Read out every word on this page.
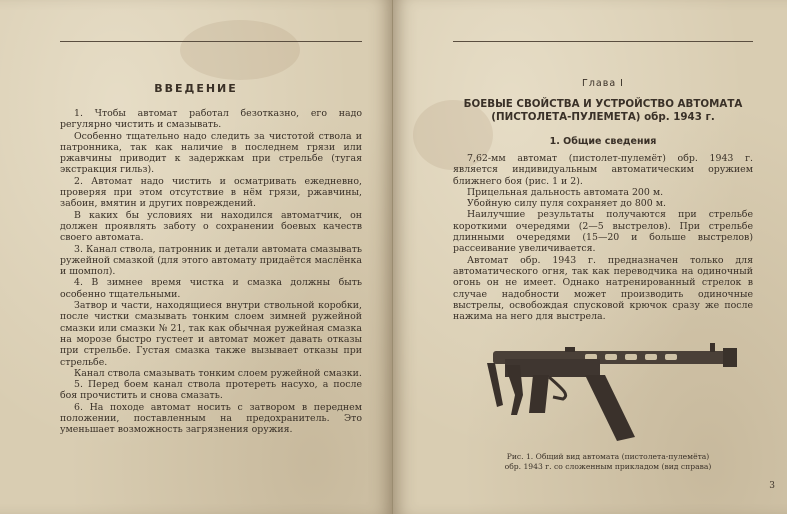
ВВЕДЕНИЕ

1. Чтобы автомат работал безотказно, его надо регулярно чистить и смазывать.

Особенно тщательно надо следить за чистотой ствола и патронника, так как наличие в последнем грязи или ржавчины приводит к задержкам при стрельбе (тугая экстракция гильз).

2. Автомат надо чистить и осматривать ежедневно, проверяя при этом отсутствие в нём грязи, ржавчины, забоин, вмятин и других повреждений.

В каких бы условиях ни находился автоматчик, он должен проявлять заботу о сохранении боевых качеств своего автомата.

3. Канал ствола, патронник и детали автомата смазывать ружейной смазкой (для этого автомату придаётся маслёнка и шомпол).

4. В зимнее время чистка и смазка должны быть особенно тщательными.

Затвор и части, находящиеся внутри ствольной коробки, после чистки смазывать тонким слоем зимней ружейной смазки или смазки № 21, так как обычная ружейная смазка на морозе быстро густеет и автомат может давать отказы при стрельбе. Густая смазка также вызывает отказы при стрельбе.

Канал ствола смазывать тонким слоем ружейной смазки.

5. Перед боем канал ствола протереть насухо, а после боя прочистить и снова смазать.

6. На походе автомат носить с затвором в переднем положении, поставленным на предохранитель. Это уменьшает возможность загрязнения оружия.

Глава I
БОЕВЫЕ СВОЙСТВА И УСТРОЙСТВО АВТОМАТА
(ПИСТОЛЕТА-ПУЛЕМЕТА) обр. 1943 г.
1. Общие сведения

7,62-мм автомат (пистолет-пулемёт) обр. 1943 г. является индивидуальным автоматическим оружием ближнего боя (рис. 1 и 2).

Прицельная дальность автомата 200 м.

Убойную силу пуля сохраняет до 800 м.

Наилучшие результаты получаются при стрельбе короткими очередями (2—5 выстрелов). При стрельбе длинными очередями (15—20 и больше выстрелов) рассеивание увеличивается.

Автомат обр. 1943 г. предназначен только для автоматического огня, так как переводчика на одиночный огонь он не имеет. Однако натренированный стрелок в случае надобности может производить одиночные выстрелы, освобождая спусковой крючок сразу же после нажима на него для выстрела.

3
Рис. 1. Общий вид автомата (пистолета-пулемёта)
обр. 1943 г. со сложенным прикладом (вид справа)
